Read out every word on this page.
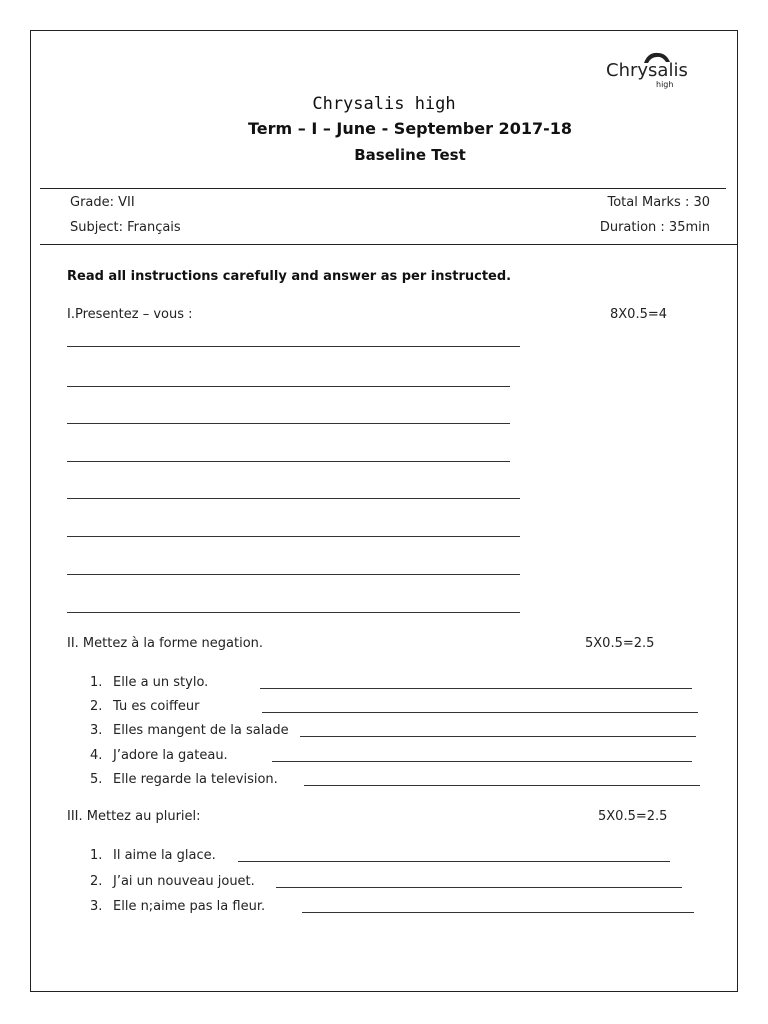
Chrysalis
high
Chrysalis high
Term – I – June - September 2017-18
Baseline Test
Grade: VII
Subject: Français
Total Marks : 30
Duration : 35min
Read all instructions carefully and answer as per instructed.
I.Presentez – vous :	8X0.5=4
II. Mettez à la forme negation.	5X0.5=2.5
1. Elle a un stylo.
2. Tu es coiffeur
3. Elles mangent de la salade
4. J’adore la gateau.
5. Elle regarde la television.
III. Mettez au pluriel:	5X0.5=2.5
1. Il aime la glace.
2. J’ai un nouveau jouet.
3. Elle n;aime pas la fleur.
